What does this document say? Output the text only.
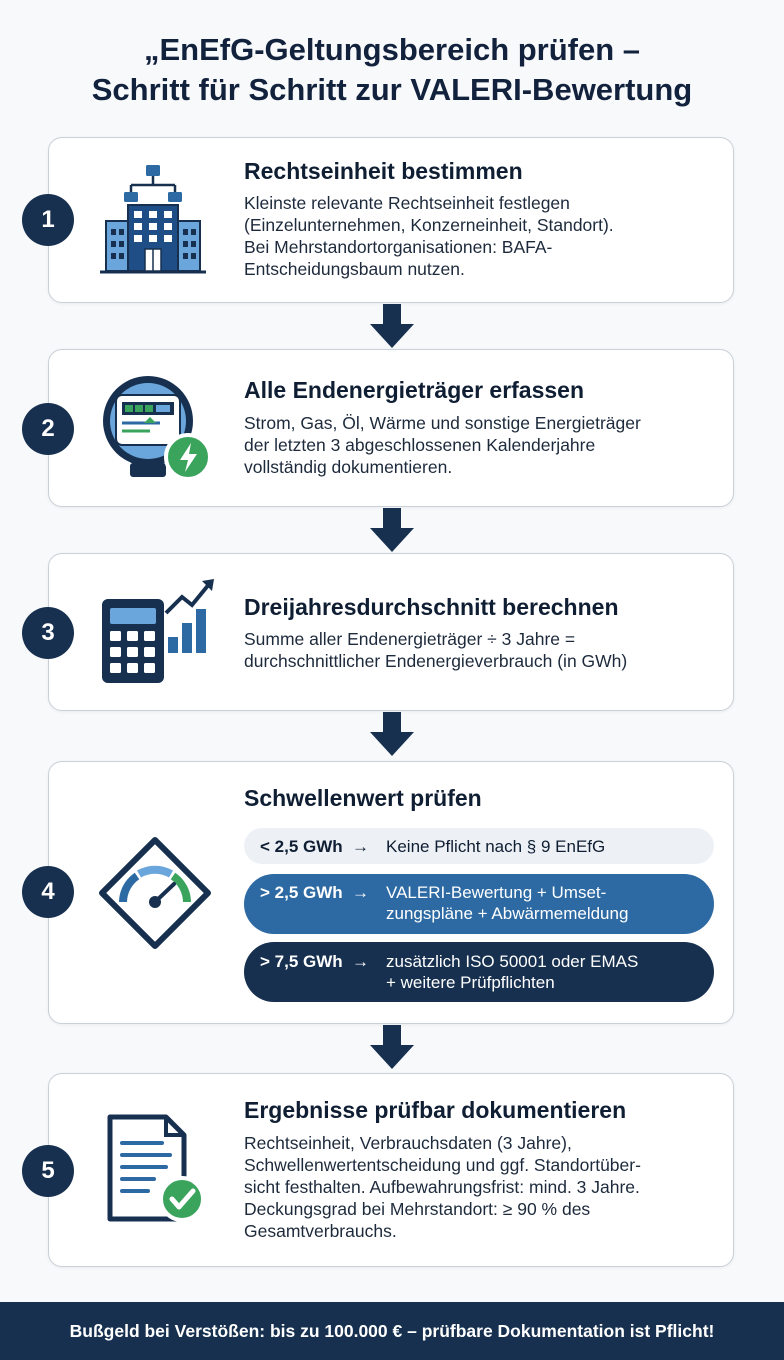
„EnEfG-Geltungsbereich prüfen –
Schritt für Schritt zur VALERI-Bewertung
1
Rechtseinheit bestimmen

Kleinste relevante Rechtseinheit festlegen
(Einzelunternehmen, Konzerneinheit, Standort).
Bei Mehrstandortorganisationen: BAFA-
Entscheidungsbaum nutzen.

2
Alle Endenergieträger erfassen

Strom, Gas, Öl, Wärme und sonstige Energieträger
der letzten 3 abgeschlossenen Kalenderjahre
vollständig dokumentieren.

3
Dreijahresdurchschnitt berechnen

Summe aller Endenergieträger ÷ 3 Jahre =
durchschnittlicher Endenergieverbrauch (in GWh)

4
Schwellenwert prüfen
< 2,5 GWh →	Keine Pflicht nach § 9 EnEfG
> 2,5 GWh →	VALERI-Bewertung + Umset-
zungspläne + Abwärmemeldung
> 7,5 GWh →	zusätzlich ISO 50001 oder EMAS
+ weitere Prüfpflichten
5
Ergebnisse prüfbar dokumentieren

Rechtseinheit, Verbrauchsdaten (3 Jahre),
Schwellenwertentscheidung und ggf. Standortüber-
sicht festhalten. Aufbewahrungsfrist: mind. 3 Jahre.
Deckungsgrad bei Mehrstandort: ≥ 90 % des
Gesamtverbrauchs.

Bußgeld bei Verstößen: bis zu 100.000 € – prüfbare Dokumentation ist Pflicht!
